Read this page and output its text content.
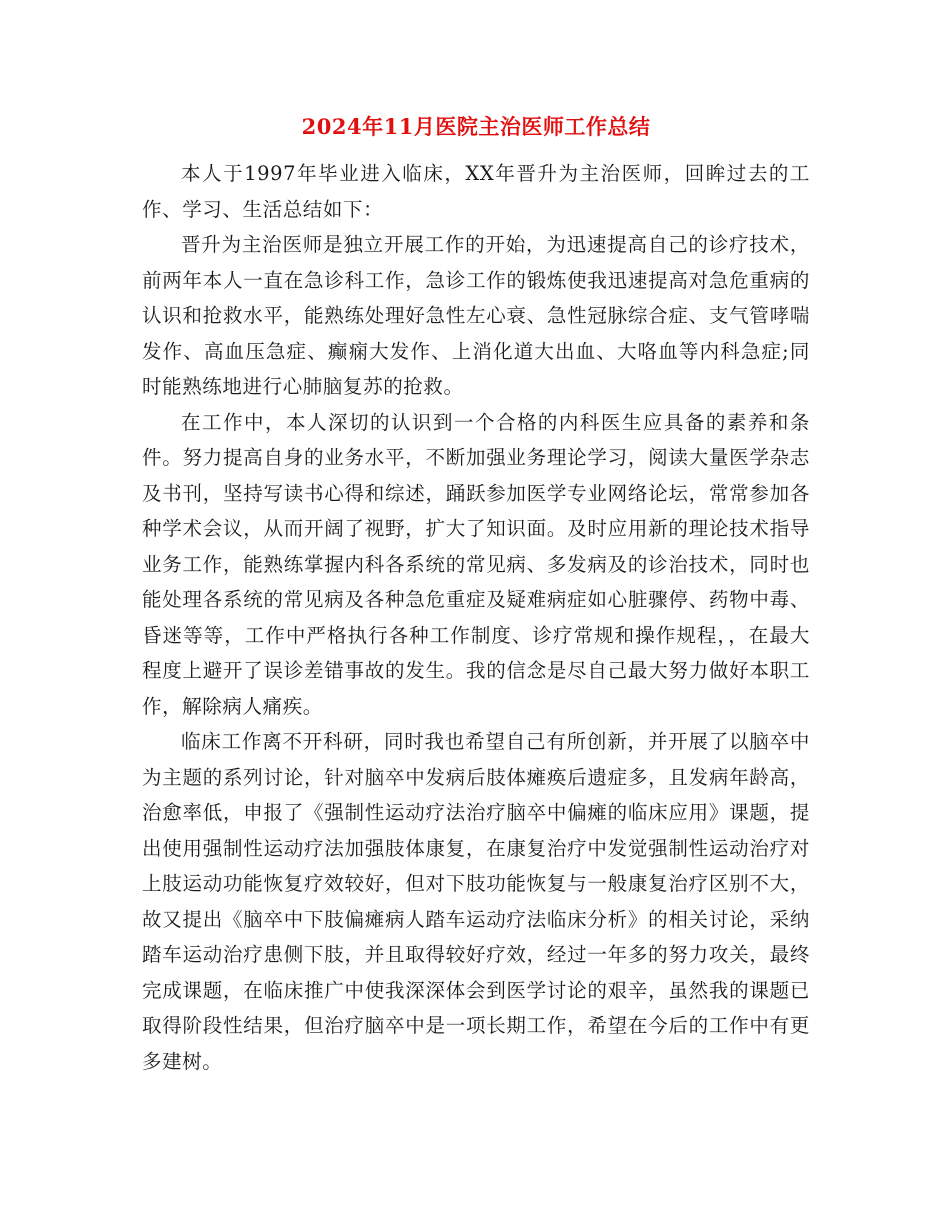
2024年11月医院主治医师工作总结

本人于1997年毕业进入临床，XX年晋升为主治医师，回眸过去的工作、学习、生活总结如下：

晋升为主治医师是独立开展工作的开始，为迅速提高自己的诊疗技术，前两年本人一直在急诊科工作，急诊工作的锻炼使我迅速提高对急危重病的认识和抢救水平，能熟练处理好急性左心衰、急性冠脉综合症、支气管哮喘发作、高血压急症、癫痫大发作、上消化道大出血、大咯血等内科急症;同时能熟练地进行心肺脑复苏的抢救。

在工作中，本人深切的认识到一个合格的内科医生应具备的素养和条件。努力提高自身的业务水平，不断加强业务理论学习，阅读大量医学杂志及书刊，坚持写读书心得和综述，踊跃参加医学专业网络论坛，常常参加各种学术会议，从而开阔了视野，扩大了知识面。及时应用新的理论技术指导业务工作，能熟练掌握内科各系统的常见病、多发病及的诊治技术，同时也能处理各系统的常见病及各种急危重症及疑难病症如心脏骤停、药物中毒、昏迷等等，工作中严格执行各种工作制度、诊疗常规和操作规程，，在最大程度上避开了误诊差错事故的发生。我的信念是尽自己最大努力做好本职工作，解除病人痛疾。

临床工作离不开科研，同时我也希望自己有所创新，并开展了以脑卒中为主题的系列讨论，针对脑卒中发病后肢体瘫痪后遗症多，且发病年龄高，治愈率低，申报了《强制性运动疗法治疗脑卒中偏瘫的临床应用》课题，提出使用强制性运动疗法加强肢体康复，在康复治疗中发觉强制性运动治疗对上肢运动功能恢复疗效较好，但对下肢功能恢复与一般康复治疗区别不大，故又提出《脑卒中下肢偏瘫病人踏车运动疗法临床分析》的相关讨论，采纳踏车运动治疗患侧下肢，并且取得较好疗效，经过一年多的努力攻关，最终完成课题，在临床推广中使我深深体会到医学讨论的艰辛，虽然我的课题已取得阶段性结果，但治疗脑卒中是一项长期工作，希望在今后的工作中有更多建树。
